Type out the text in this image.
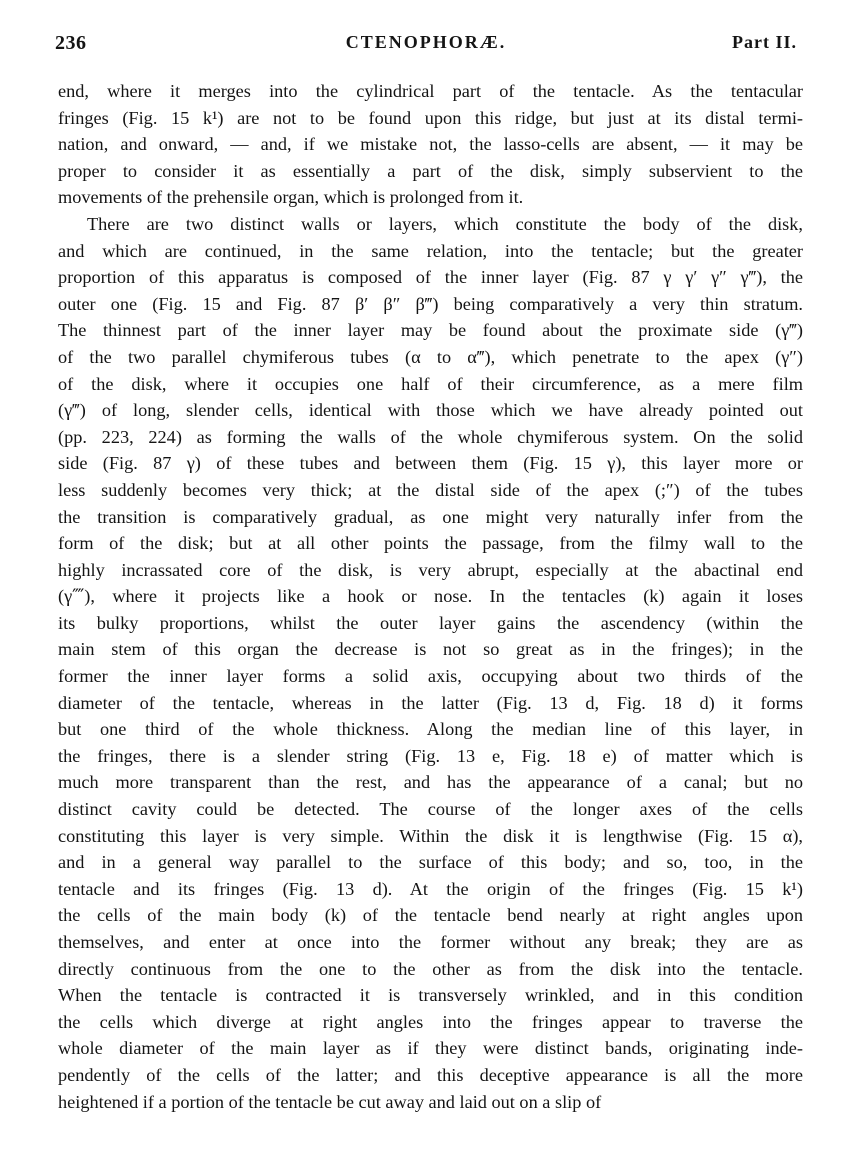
236	CTENOPHORÆ.	Part II.
end, where it merges into the cylindrical part of the tentacle. As the tentacular
fringes (Fig. 15 k¹) are not to be found upon this ridge, but just at its distal termi-
nation, and onward, — and, if we mistake not, the lasso-cells are absent, — it may be
proper to consider it as essentially a part of the disk, simply subservient to the
movements of the prehensile organ, which is prolonged from it.
There are two distinct walls or layers, which constitute the body of the disk,
and which are continued, in the same relation, into the tentacle; but the greater
proportion of this apparatus is composed of the inner layer (Fig. 87 γ γ′ γ″ γ‴), the
outer one (Fig. 15 and Fig. 87 β′ β″ β‴) being comparatively a very thin stratum.
The thinnest part of the inner layer may be found about the proximate side (γ‴)
of the two parallel chymiferous tubes (α to α‴), which penetrate to the apex (γ″)
of the disk, where it occupies one half of their circumference, as a mere film
(γ‴) of long, slender cells, identical with those which we have already pointed out
(pp. 223, 224) as forming the walls of the whole chymiferous system. On the solid
side (Fig. 87 γ) of these tubes and between them (Fig. 15 γ), this layer more or
less suddenly becomes very thick; at the distal side of the apex (;″) of the tubes
the transition is comparatively gradual, as one might very naturally infer from the
form of the disk; but at all other points the passage, from the filmy wall to the
highly incrassated core of the disk, is very abrupt, especially at the abactinal end
(γ⁗), where it projects like a hook or nose. In the tentacles (k) again it loses
its bulky proportions, whilst the outer layer gains the ascendency (within the
main stem of this organ the decrease is not so great as in the fringes); in the
former the inner layer forms a solid axis, occupying about two thirds of the
diameter of the tentacle, whereas in the latter (Fig. 13 d, Fig. 18 d) it forms
but one third of the whole thickness. Along the median line of this layer, in
the fringes, there is a slender string (Fig. 13 e, Fig. 18 e) of matter which is
much more transparent than the rest, and has the appearance of a canal; but no
distinct cavity could be detected. The course of the longer axes of the cells
constituting this layer is very simple. Within the disk it is lengthwise (Fig. 15 α),
and in a general way parallel to the surface of this body; and so, too, in the
tentacle and its fringes (Fig. 13 d). At the origin of the fringes (Fig. 15 k¹)
the cells of the main body (k) of the tentacle bend nearly at right angles upon
themselves, and enter at once into the former without any break; they are as
directly continuous from the one to the other as from the disk into the tentacle.
When the tentacle is contracted it is transversely wrinkled, and in this condition
the cells which diverge at right angles into the fringes appear to traverse the
whole diameter of the main layer as if they were distinct bands, originating inde-
pendently of the cells of the latter; and this deceptive appearance is all the more
heightened if a portion of the tentacle be cut away and laid out on a slip of
